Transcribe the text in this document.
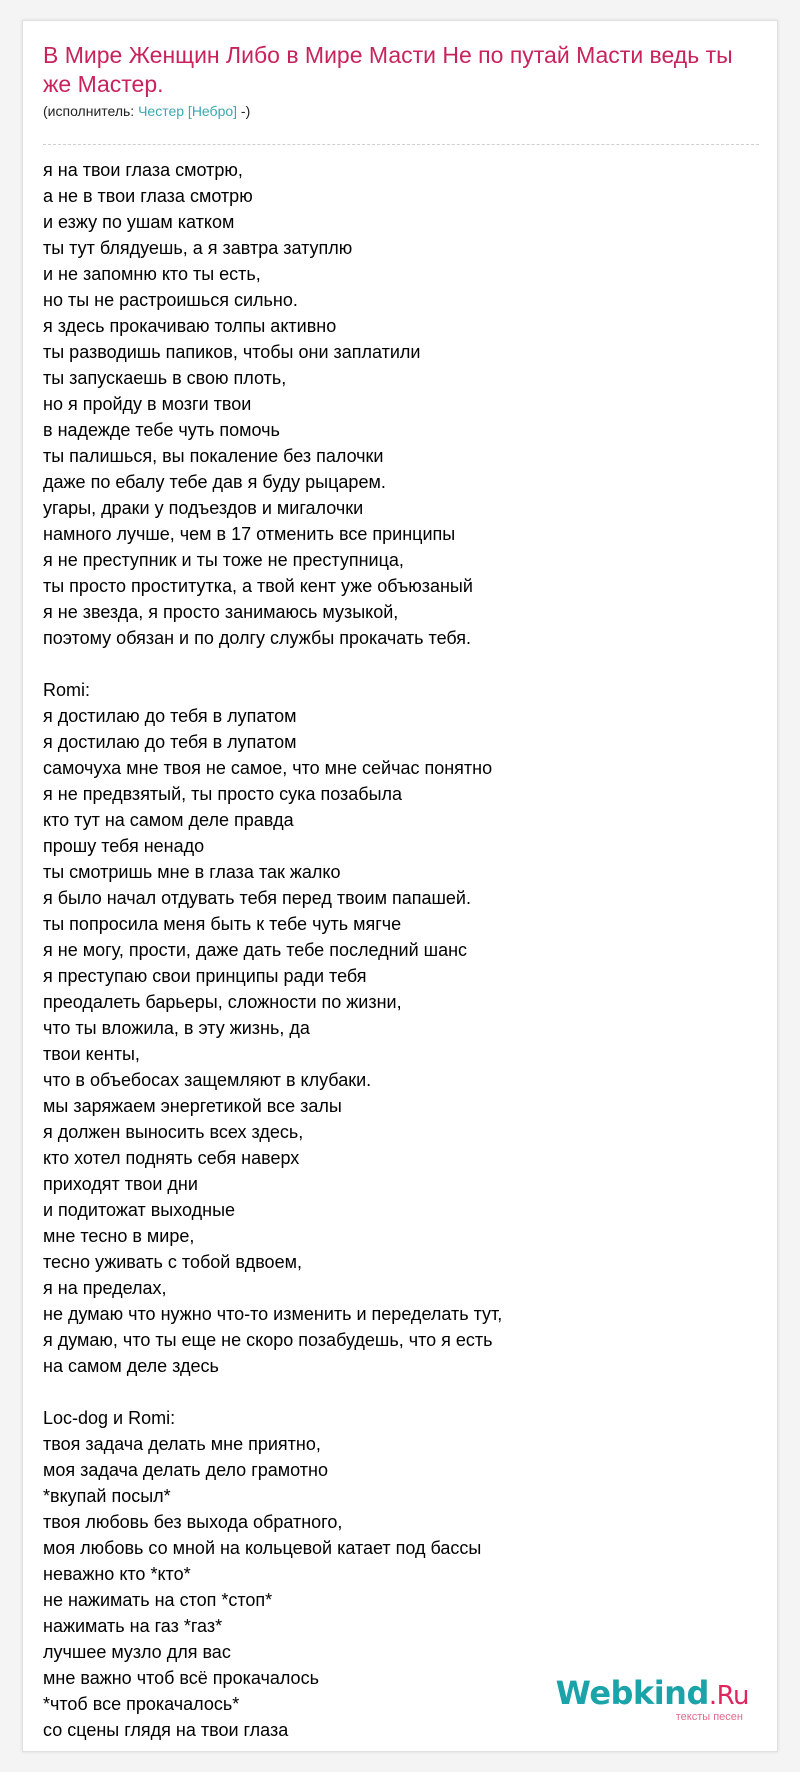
В Мире Женщин Либо в Мире Масти Не по путай Масти ведь ты же Мастер.
(исполнитель: Честер [Небро] -)
я на твои глаза смотрю,
а не в твои глаза смотрю
и езжу по ушам катком
ты тут блядуешь, а я завтра затуплю
и не запомню кто ты есть,
но ты не растроишься сильно.
я здесь прокачиваю толпы активно
ты разводишь папиков, чтобы они заплатили
ты запускаешь в свою плоть,
но я пройду в мозги твои
в надежде тебе чуть помочь
ты палишься, вы покаление без палочки
даже по ебалу тебе дав я буду рыцарем.
угары, драки у подъездов и мигалочки
намного лучше, чем в 17 отменить все принципы
я не преступник и ты тоже не преступница,
ты просто проститутка, а твой кент уже объюзаный
я не звезда, я просто занимаюсь музыкой,
поэтому обязан и по долгу службы прокачать тебя.
Romi:
я достилаю до тебя в лупатом
я достилаю до тебя в лупатом
самочуха мне твоя не самое, что мне сейчас понятно
я не предвзятый, ты просто сука позабыла
кто тут на самом деле правда
прошу тебя ненадо
ты смотришь мне в глаза так жалко
я было начал отдувать тебя перед твоим папашей.
ты попросила меня быть к тебе чуть мягче
я не могу, прости, даже дать тебе последний шанс
я преступаю свои принципы ради тебя
преодалеть барьеры, сложности по жизни,
что ты вложила, в эту жизнь, да
твои кенты,
что в объебосах защемляют в клубаки.
мы заряжаем энергетикой все залы
я должен выносить всех здесь,
кто хотел поднять себя наверх
приходят твои дни
и подитожат выходные
мне тесно в мире,
тесно уживать с тобой вдвоем,
я на пределах,
не думаю что нужно что-то изменить и переделать тут,
я думаю, что ты еще не скоро позабудешь, что я есть
на самом деле здесь
Loc-dog и Romi:
твоя задача делать мне приятно,
моя задача делать дело грамотно
*вкупай посыл*
твоя любовь без выхода обратного,
моя любовь со мной на кольцевой катает под бассы
неважно кто *кто*
не нажимать на стоп *стоп*
нажимать на газ *газ*
лучшее музло для вас
мне важно чтоб всё прокачалось
*чтоб все прокачалось*
со сцены глядя на твои глаза
Webkind.Ru
тексты песен
